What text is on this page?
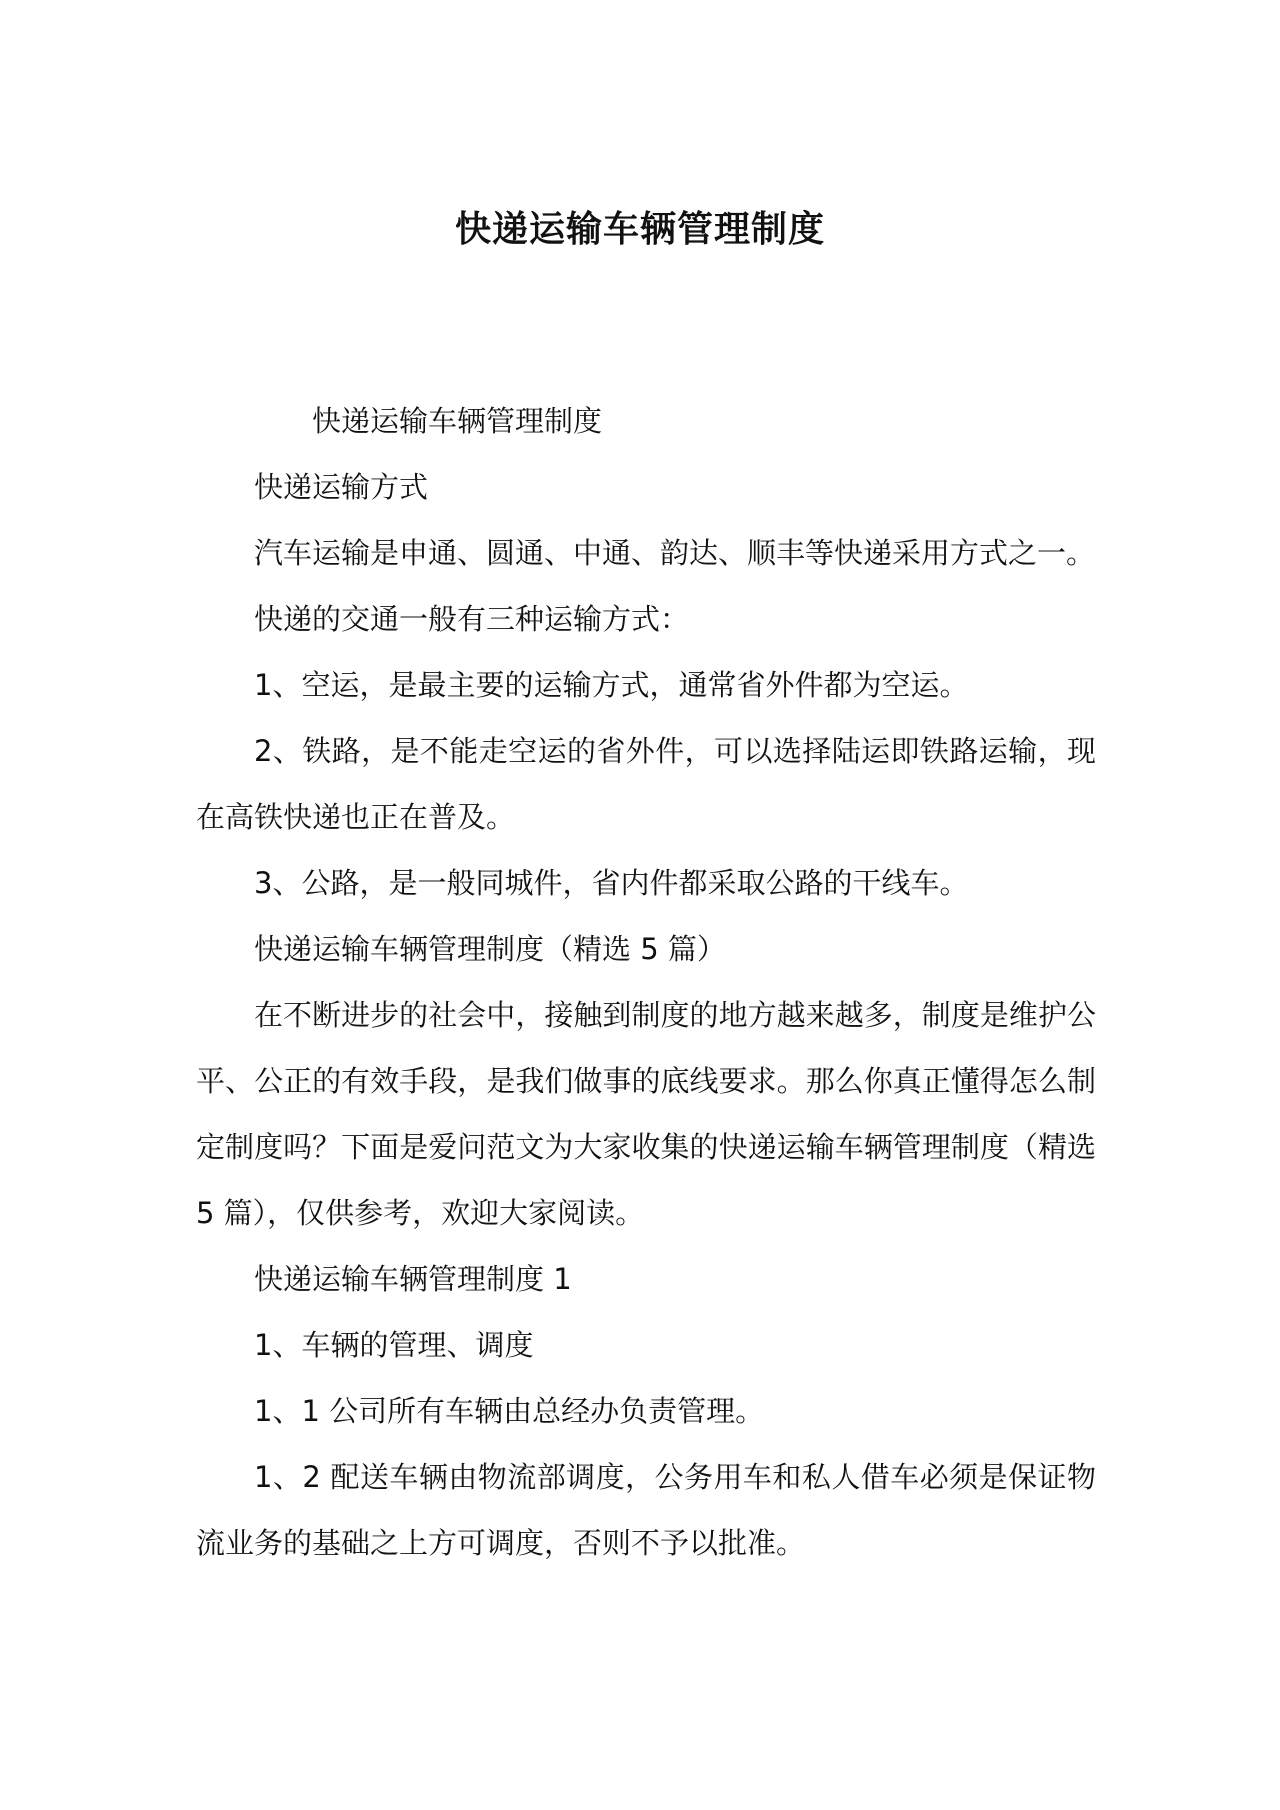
快递运输车辆管理制度

快递运输车辆管理制度

快递运输方式

汽车运输是申通、圆通、中通、韵达、顺丰等快递采用方式之一。

快递的交通一般有三种运输方式：

1、空运，是最主要的运输方式，通常省外件都为空运。

2、铁路，是不能走空运的省外件，可以选择陆运即铁路运输，现在高铁快递也正在普及。

3、公路，是一般同城件，省内件都采取公路的干线车。

快递运输车辆管理制度（精选 5 篇）

在不断进步的社会中，接触到制度的地方越来越多，制度是维护公平、公正的有效手段，是我们做事的底线要求。那么你真正懂得怎么制定制度吗？下面是爱问范文为大家收集的快递运输车辆管理制度（精选 5 篇），仅供参考，欢迎大家阅读。

快递运输车辆管理制度 1

1、车辆的管理、调度

1、1 公司所有车辆由总经办负责管理。

1、2 配送车辆由物流部调度，公务用车和私人借车必须是保证物流业务的基础之上方可调度，否则不予以批准。
